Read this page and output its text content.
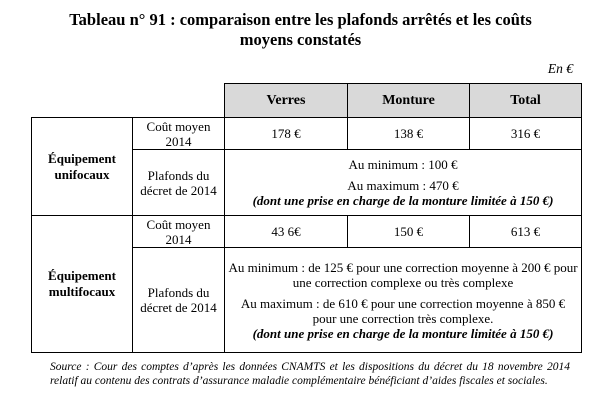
Tableau n° 91 : comparaison entre les plafonds arrêtés et les coûts
moyens constatés
En €
		Verres	Monture	Total
Équipement
unifocaux	Coût moyen 2014	178 €	138 €	316 €
	Plafonds du décret de 2014	Au minimum : 100 €
Au maximum : 470 €
(dont une prise en charge de la monture limitée à 150 €)		

Équipement
multifocaux	Coût moyen 2014	43 6€	150 €	613 €
	Plafonds du décret de 2014	Au minimum : de 125 € pour une correction moyenne à 200 € pour une correction complexe ou très complexe
Au maximum : de 610 € pour une correction moyenne à 850 € pour une correction très complexe.
(dont une prise en charge de la monture limitée à 150 €)		
Source : Cour des comptes d’après les données CNAMTS et les dispositions du décret du 18 novembre 2014 relatif au contenu des contrats d’assurance maladie complémentaire bénéficiant d’aides fiscales et sociales.
